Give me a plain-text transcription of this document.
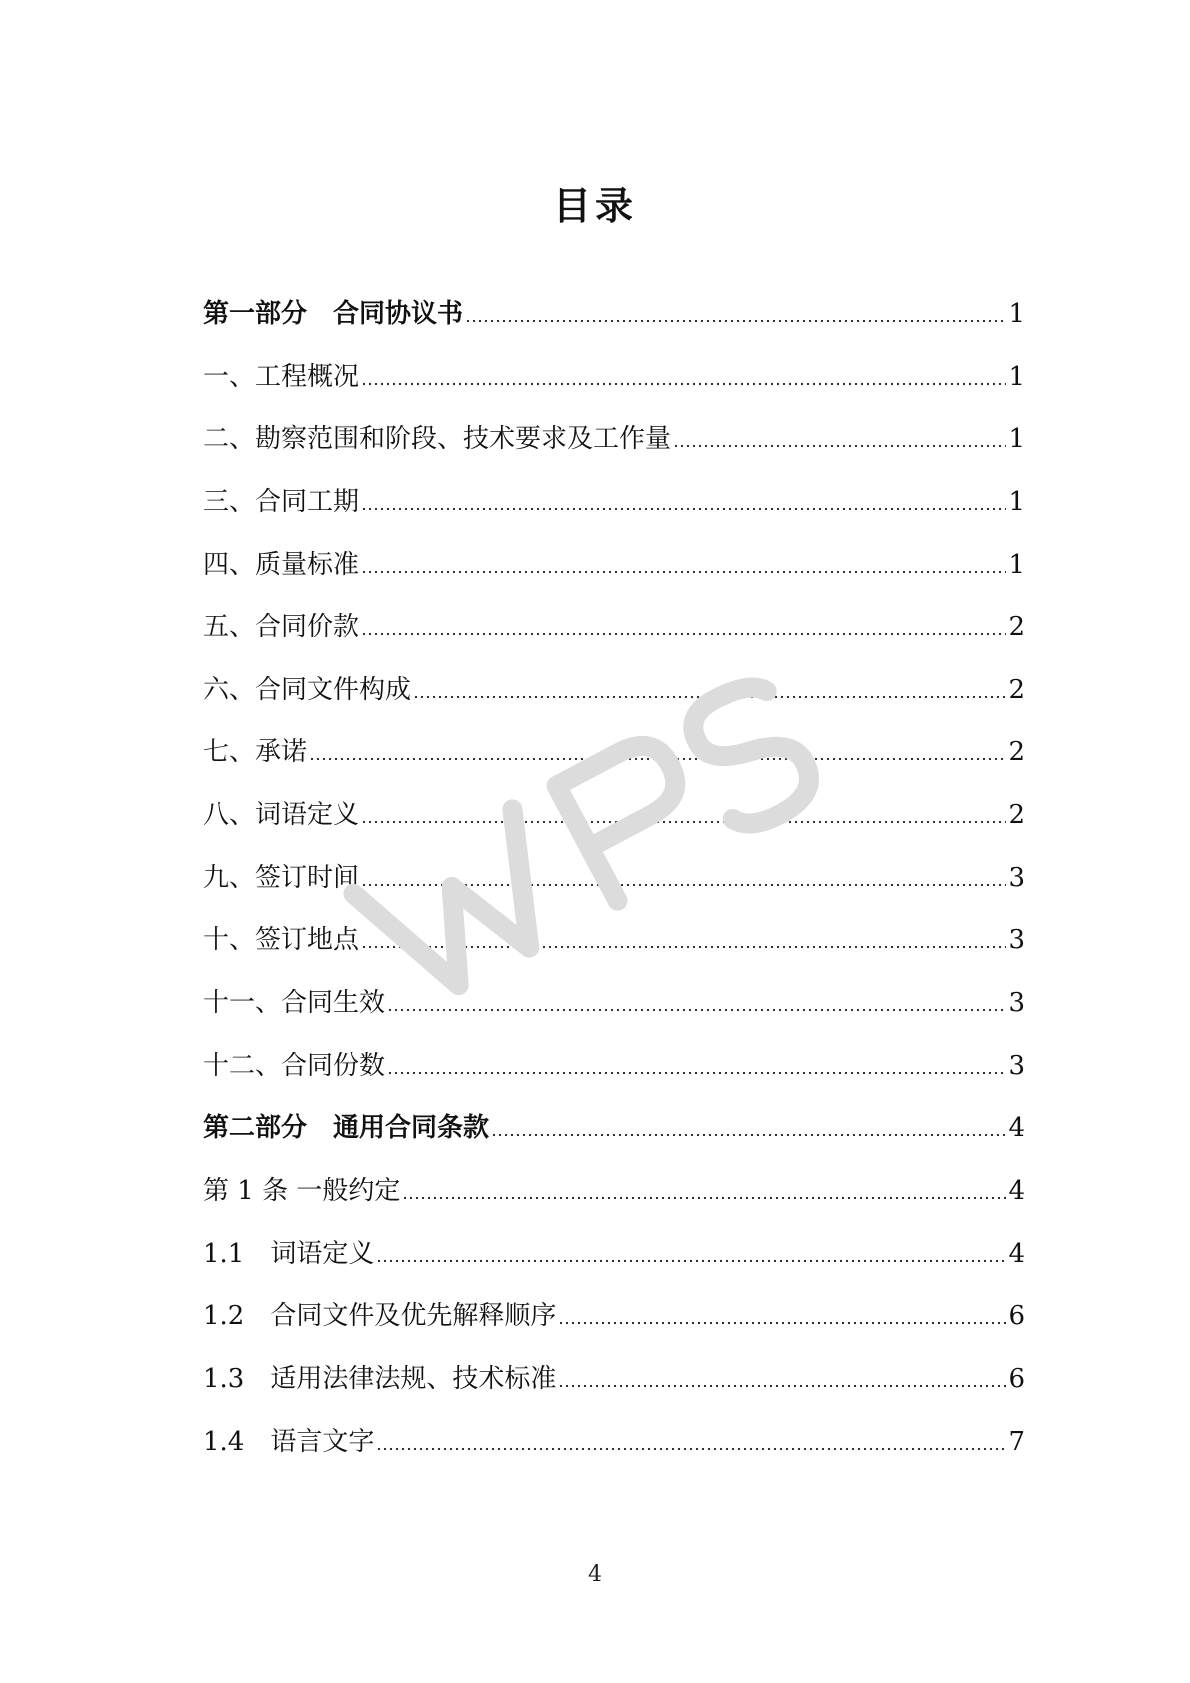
目录
第一部分　合同协议书	1
一、工程概况	1
二、勘察范围和阶段、技术要求及工作量	1
三、合同工期	1
四、质量标准	1
五、合同价款	2
六、合同文件构成	2
七、承诺	2
八、词语定义	2
九、签订时间	3
十、签订地点	3
十一、合同生效	3
十二、合同份数	3
第二部分　通用合同条款	4
第 1 条 一般约定	4
1.1　词语定义	4
1.2　合同文件及优先解释顺序	6
1.3　适用法律法规、技术标准	6
1.4　语言文字	7
4
